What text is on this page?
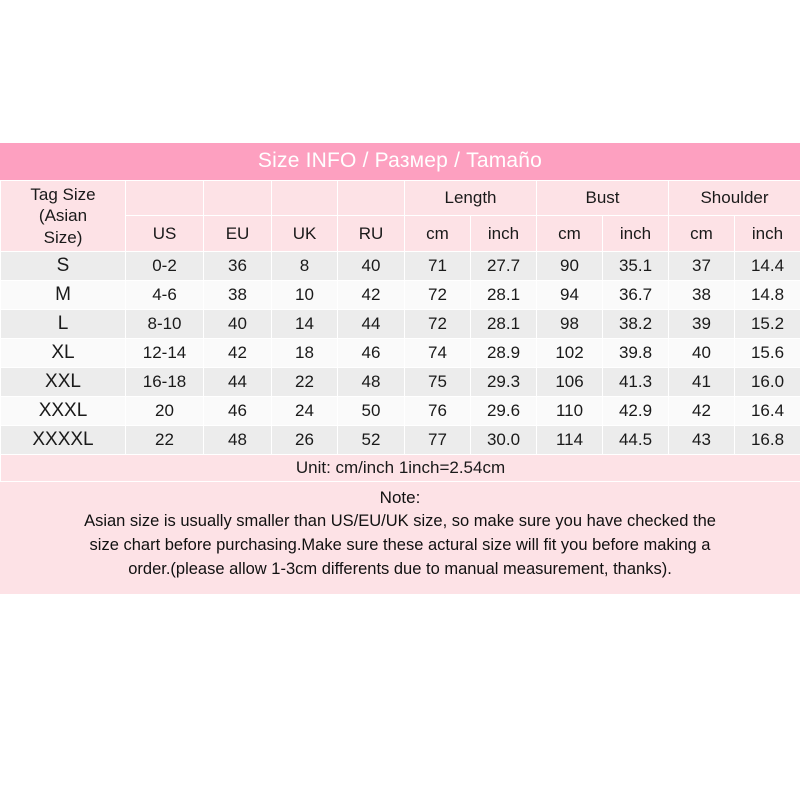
Size INFO / Размер / Tamaño
Tag Size
(Asian
Size)					Length		Bust		Shoulder	
	US	EU	UK	RU	cm	inch	cm	inch	cm	inch
S	0-2	36	8	40	71	27.7	90	35.1	37	14.4
M	4-6	38	10	42	72	28.1	94	36.7	38	14.8
L	8-10	40	14	44	72	28.1	98	38.2	39	15.2
XL	12-14	42	18	46	74	28.9	102	39.8	40	15.6
XXL	16-18	44	22	48	75	29.3	106	41.3	41	16.0
XXXL	20	46	24	50	76	29.6	110	42.9	42	16.4
XXXXL	22	48	26	52	77	30.0	114	44.5	43	16.8
Unit: cm/inch 1inch=2.54cm										
Note:
Asian size is usually smaller than US/EU/UK size, so make sure you have checked the
size chart before purchasing.Make sure these actural size will fit you before making a
order.(please allow 1-3cm differents due to manual measurement, thanks).
